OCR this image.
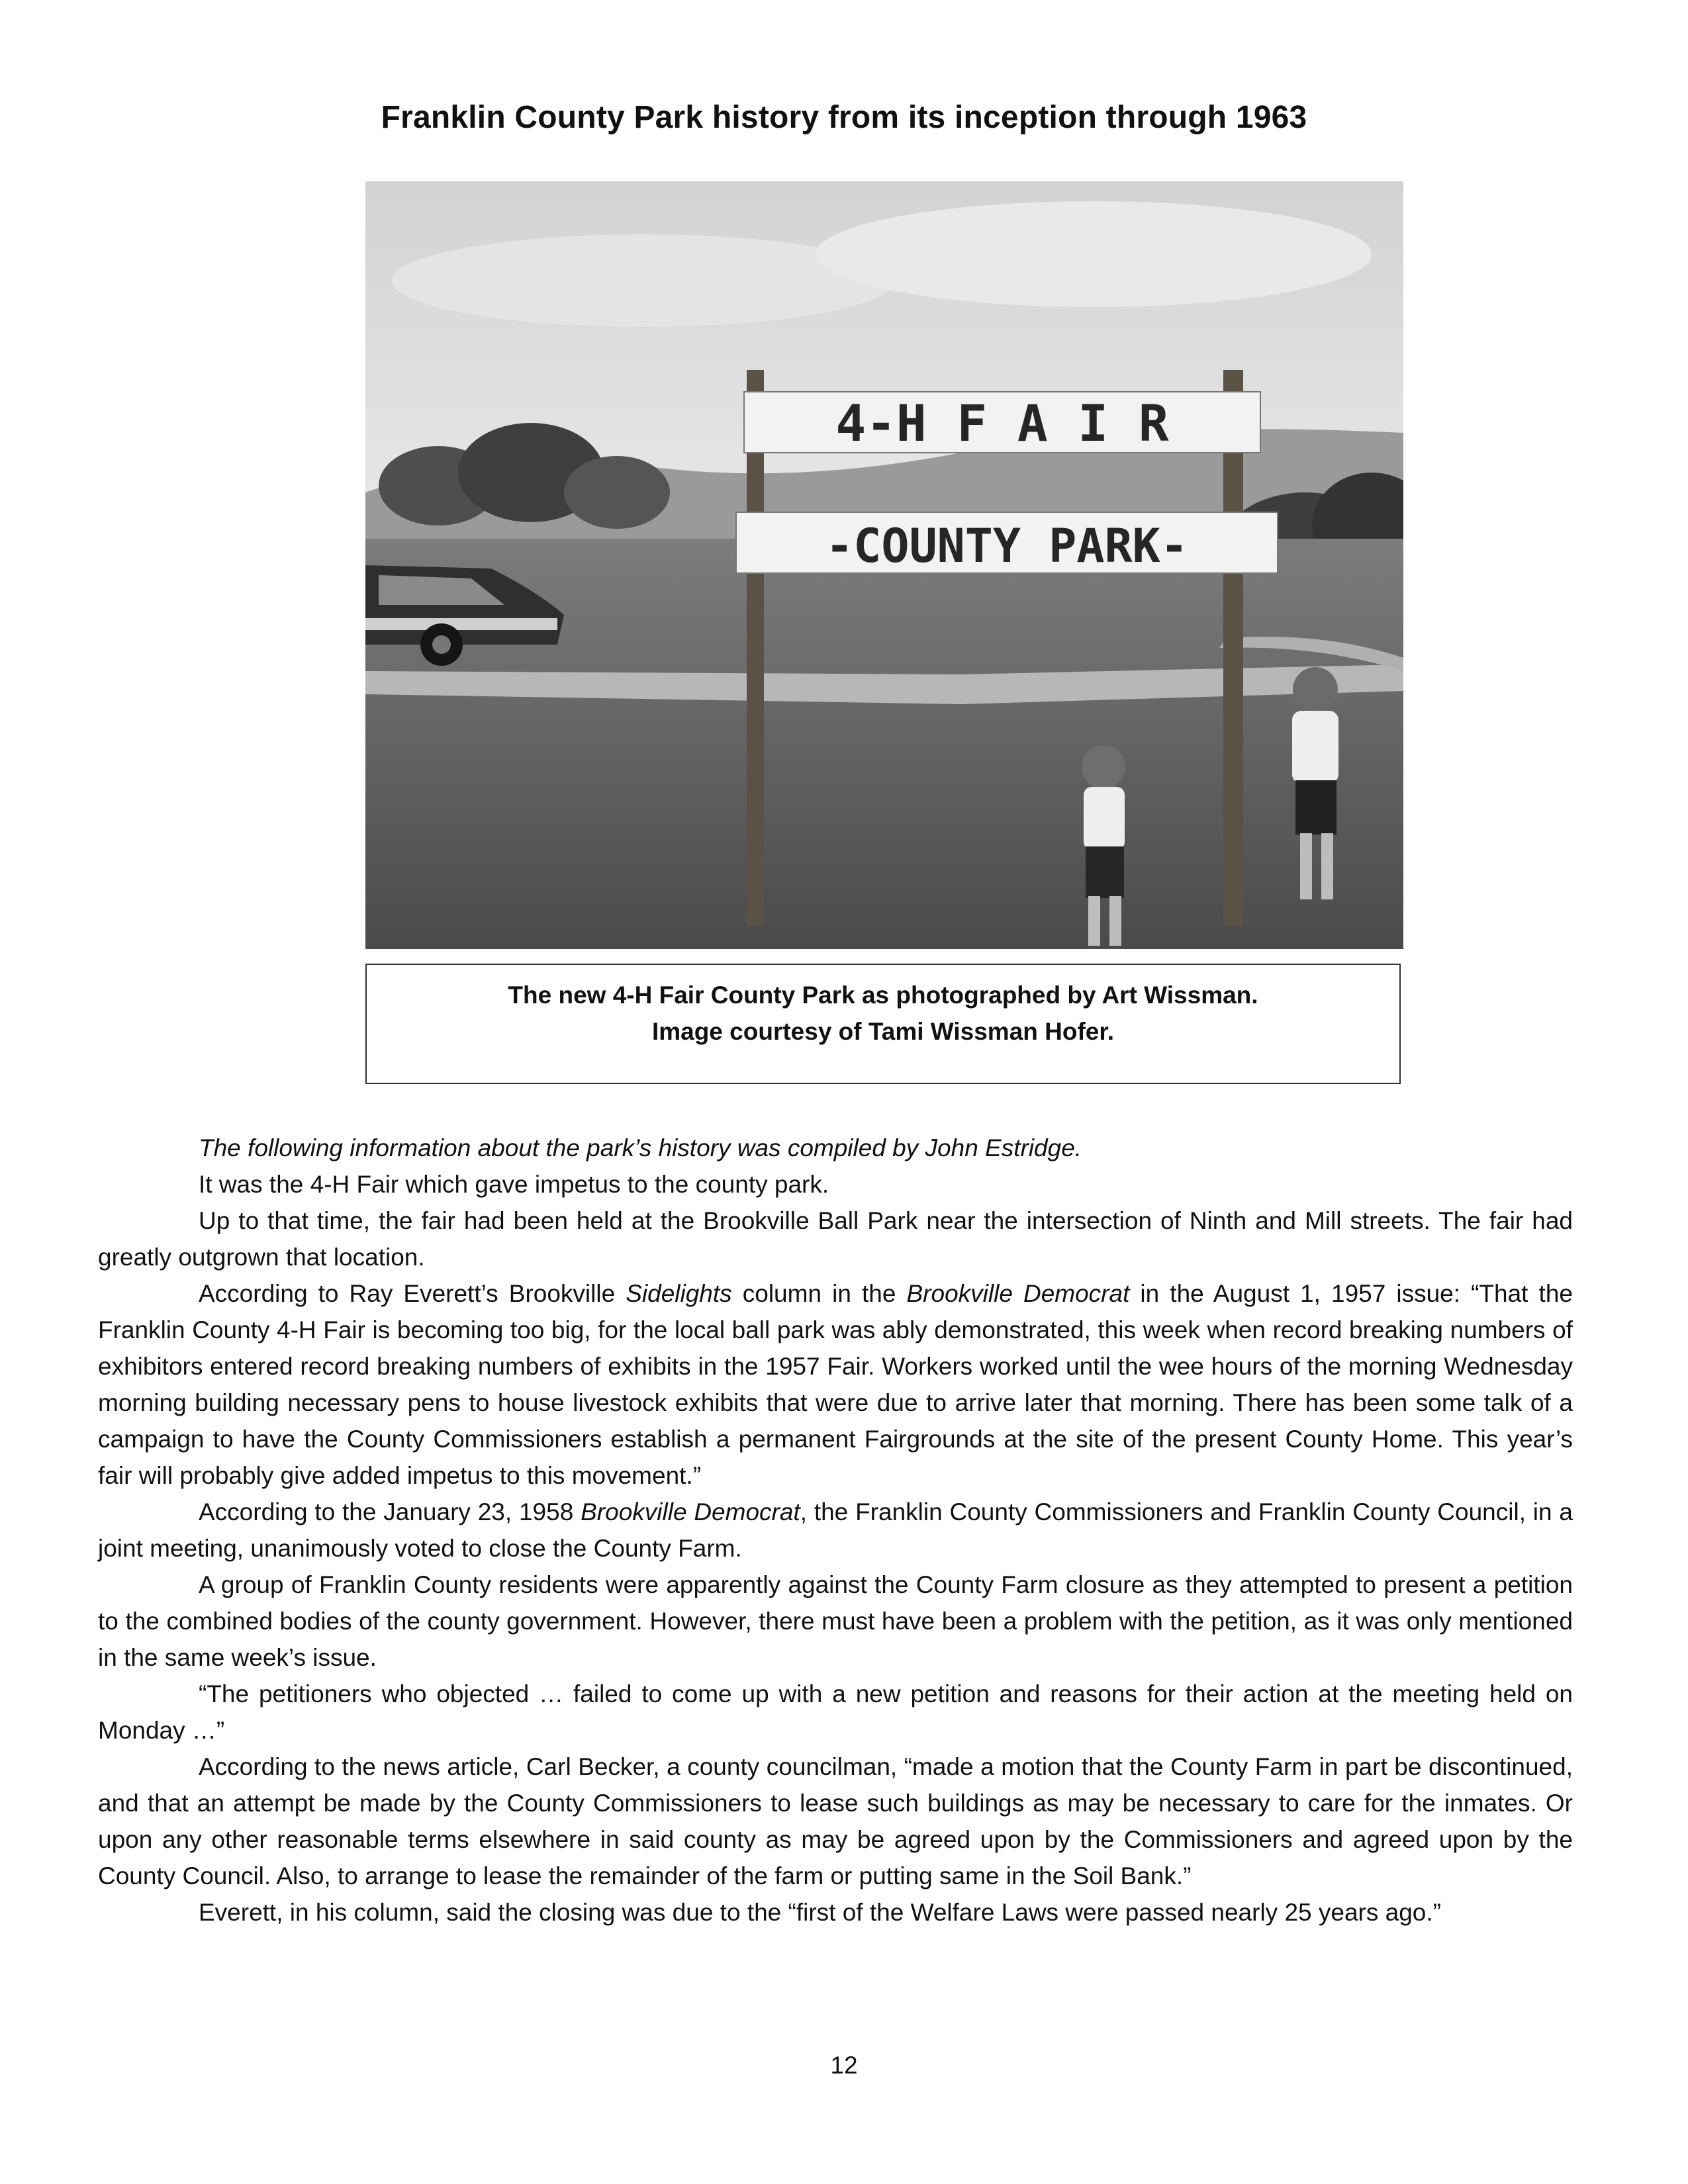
Franklin County Park history from its inception through 1963
4-H F A I R
-COUNTY PARK-
The new 4-H Fair County Park as photographed by Art Wissman.
Image courtesy of Tami Wissman Hofer.

The following information about the park’s history was compiled by John Estridge.

It was the 4-H Fair which gave impetus to the county park.

Up to that time, the fair had been held at the Brookville Ball Park near the intersection of Ninth and Mill streets. The fair had greatly outgrown that location.

According to Ray Everett’s Brookville Sidelights column in the Brookville Democrat in the August 1, 1957 issue: “That the Franklin County 4-H Fair is becoming too big, for the local ball park was ably demonstrated, this week when record breaking numbers of exhibitors entered record breaking numbers of exhibits in the 1957 Fair. Workers worked until the wee hours of the morning Wednesday morning building necessary pens to house livestock exhibits that were due to arrive later that morning. There has been some talk of a campaign to have the County Commissioners establish a permanent Fairgrounds at the site of the present County Home. This year’s fair will probably give added impetus to this movement.”

According to the January 23, 1958 Brookville Democrat, the Franklin County Commissioners and Franklin County Council, in a joint meeting, unanimously voted to close the County Farm.

A group of Franklin County residents were apparently against the County Farm closure as they attempted to present a petition to the combined bodies of the county government. However, there must have been a problem with the petition, as it was only mentioned in the same week’s issue.

“The petitioners who objected … failed to come up with a new petition and reasons for their action at the meeting held on Monday …”

According to the news article, Carl Becker, a county councilman, “made a motion that the County Farm in part be discontinued, and that an attempt be made by the County Commissioners to lease such buildings as may be necessary to care for the inmates. Or upon any other reasonable terms elsewhere in said county as may be agreed upon by the Commissioners and agreed upon by the County Council. Also, to arrange to lease the remainder of the farm or putting same in the Soil Bank.”

Everett, in his column, said the closing was due to the “first of the Welfare Laws were passed nearly 25 years ago.”

12
